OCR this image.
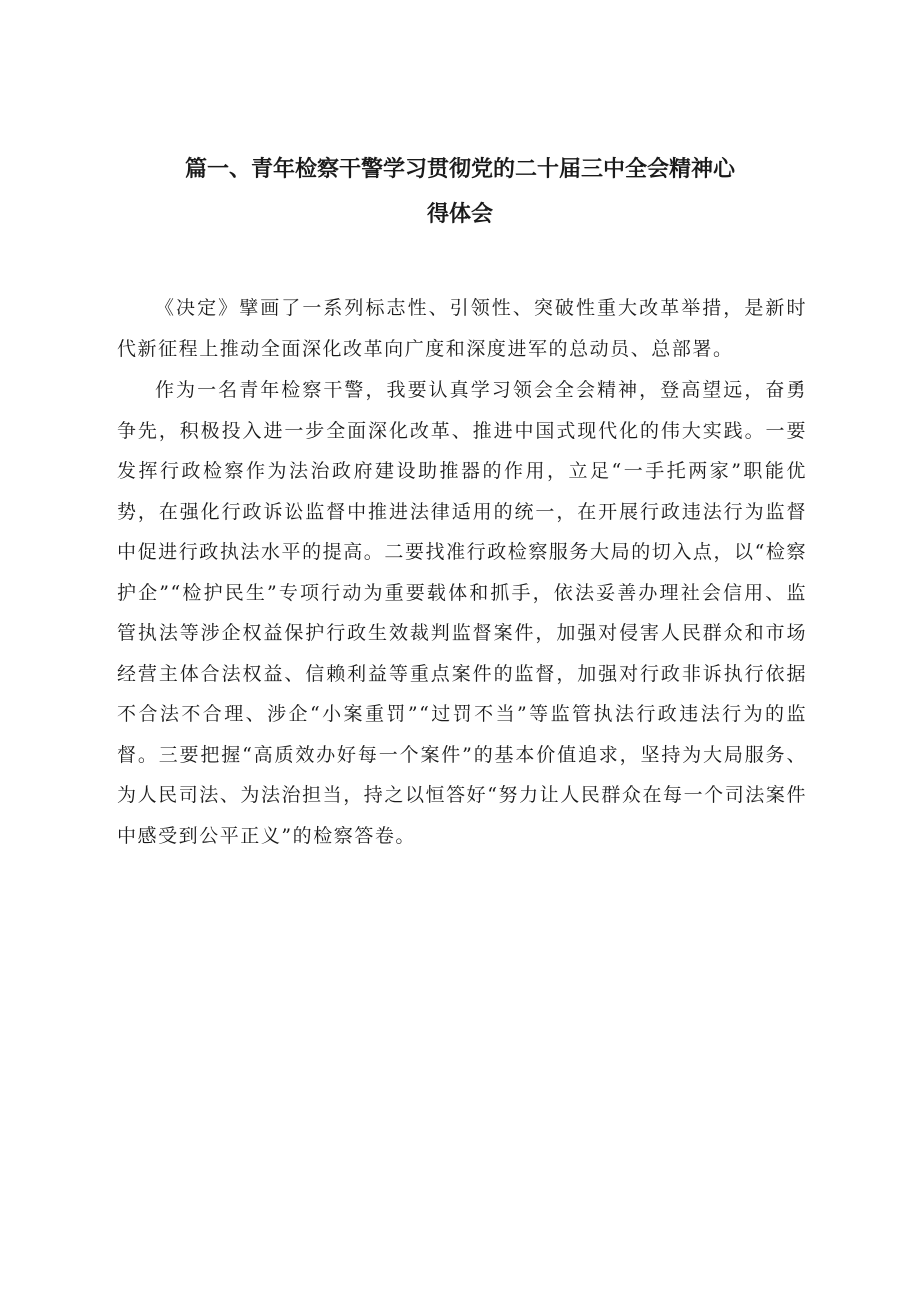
篇一、青年检察干警学习贯彻党的二十届三中全会精神心
得体会

《决定》擘画了一系列标志性、引领性、突破性重大改革举措，是新时代新征程上推动全面深化改革向广度和深度进军的总动员、总部署。

作为一名青年检察干警，我要认真学习领会全会精神，登高望远，奋勇争先，积极投入进一步全面深化改革、推进中国式现代化的伟大实践。一要发挥行政检察作为法治政府建设助推器的作用，立足“一手托两家”职能优势，在强化行政诉讼监督中推进法律适用的统一，在开展行政违法行为监督中促进行政执法水平的提高。二要找准行政检察服务大局的切入点，以“检察护企”“检护民生”专项行动为重要载体和抓手，依法妥善办理社会信用、监管执法等涉企权益保护行政生效裁判监督案件，加强对侵害人民群众和市场经营主体合法权益、信赖利益等重点案件的监督，加强对行政非诉执行依据不合法不合理、涉企“小案重罚”“过罚不当”等监管执法行政违法行为的监督。三要把握“高质效办好每一个案件”的基本价值追求，坚持为大局服务、为人民司法、为法治担当，持之以恒答好“努力让人民群众在每一个司法案件中感受到公平正义”的检察答卷。
